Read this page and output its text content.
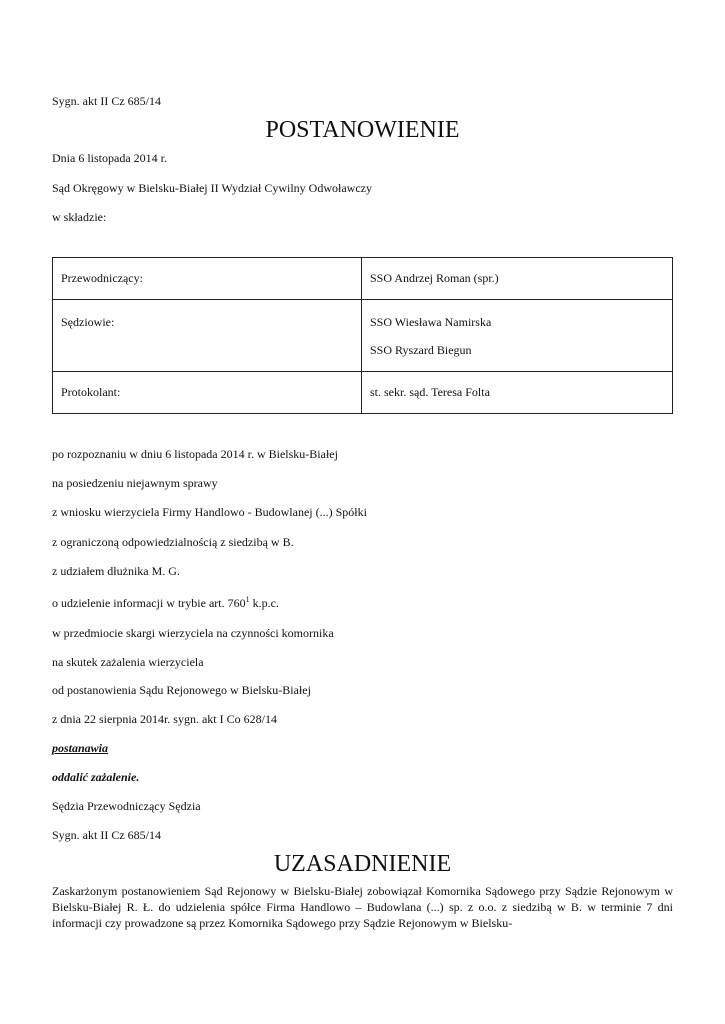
Sygn. akt II Cz 685/14
POSTANOWIENIE
Dnia 6 listopada 2014 r.
Sąd Okręgowy w Bielsku-Białej II Wydział Cywilny Odwoławczy
w składzie:
Przewodniczący:	SSO Andrzej Roman (spr.)

Sędziowie:	SSO Wiesława Namirska
SSO Ryszard Biegun

Protokolant:	st. sekr. sąd. Teresa Folta
po rozpoznaniu w dniu 6 listopada 2014 r. w Bielsku-Białej
na posiedzeniu niejawnym sprawy
z wniosku wierzyciela Firmy Handlowo - Budowlanej (...) Spółki
z ograniczoną odpowiedzialnością z siedzibą w B.
z udziałem dłużnika M. G.
o udzielenie informacji w trybie art. $760^1$ k.p.c.
w przedmiocie skargi wierzyciela na czynności komornika
na skutek zażalenia wierzyciela
od postanowienia Sądu Rejonowego w Bielsku-Białej
z dnia 22 sierpnia 2014r. sygn. akt I Co 628/14
postanawia
oddalić zażalenie.
Sędzia Przewodniczący Sędzia
Sygn. akt II Cz 685/14
UZASADNIENIE
Zaskarżonym postanowieniem Sąd Rejonowy w Bielsku-Białej zobowiązał Komornika Sądowego przy Sądzie Rejonowym w Bielsku-Białej R. Ł. do udzielenia spółce Firma Handlowo – Budowlana (...) sp. z o.o. z siedzibą w B. w terminie 7 dni informacji czy prowadzone są przez Komornika Sądowego przy Sądzie Rejonowym w Bielsku-
